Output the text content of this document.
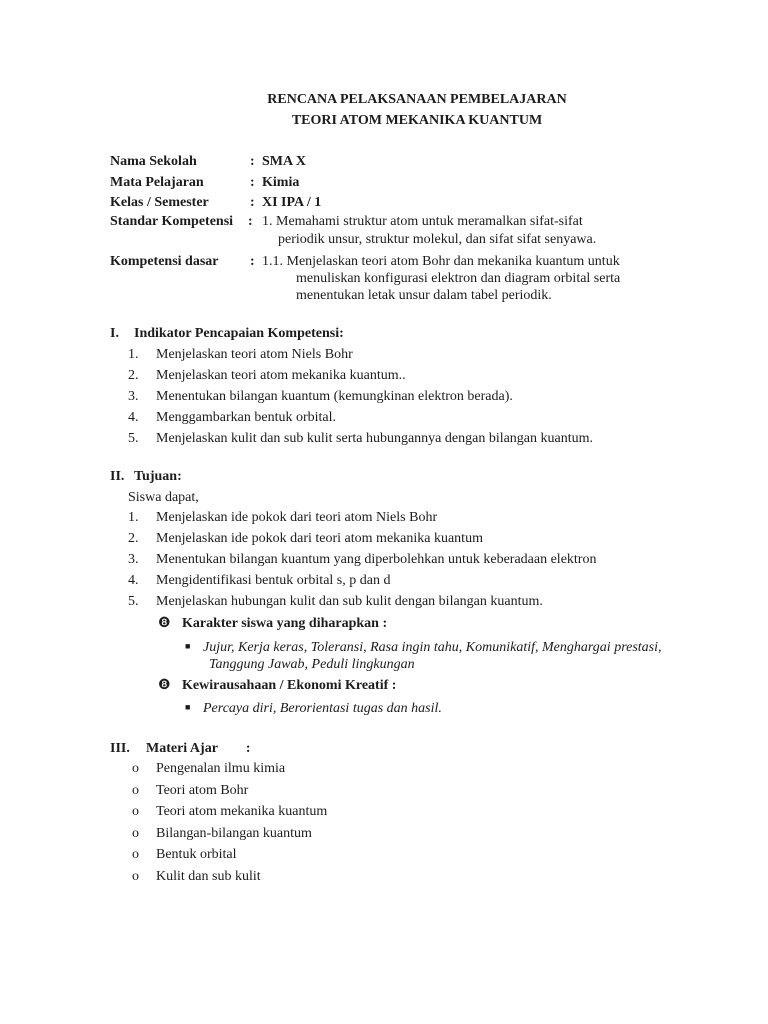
RENCANA PELAKSANAAN PEMBELAJARAN
TEORI ATOM MEKANIKA KUANTUM
Nama Sekolah	: SMA X
Mata Pelajaran	: Kimia
Kelas / Semester	: XI IPA / 1
Standar Kompetensi : 1. Memahami struktur atom untuk meramalkan sifat-sifat
periodik unsur, struktur molekul, dan sifat sifat senyawa.
Kompetensi dasar : 1.1. Menjelaskan teori atom Bohr dan mekanika kuantum untuk
menuliskan konfigurasi elektron dan diagram orbital serta
menentukan letak unsur dalam tabel periodik.
I. Indikator Pencapaian Kompetensi:
1.	Menjelaskan teori atom Niels Bohr
2.	Menjelaskan teori atom mekanika kuantum..
3.	Menentukan bilangan kuantum (kemungkinan elektron berada).
4.	Menggambarkan bentuk orbital.
5.	Menjelaskan kulit dan sub kulit serta hubungannya dengan bilangan kuantum.
II. Tujuan:
Siswa dapat,
1.	Menjelaskan ide pokok dari teori atom Niels Bohr
2.	Menjelaskan ide pokok dari teori atom mekanika kuantum
3.	Menentukan bilangan kuantum yang diperbolehkan untuk keberadaan elektron
4.	Mengidentifikasi bentuk orbital s, p dan d
5.	Menjelaskan hubungan kulit dan sub kulit dengan bilangan kuantum.
❽ Karakter siswa yang diharapkan :
■ Jujur, Kerja keras, Toleransi, Rasa ingin tahu, Komunikatif, Menghargai prestasi,
Tanggung Jawab, Peduli lingkungan
❽ Kewirausahaan / Ekonomi Kreatif :
■ Percaya diri, Berorientasi tugas dan hasil.
III. Materi Ajar :
o	Pengenalan ilmu kimia
o	Teori atom Bohr
o	Teori atom mekanika kuantum
o	Bilangan-bilangan kuantum
o	Bentuk orbital
o	Kulit dan sub kulit
